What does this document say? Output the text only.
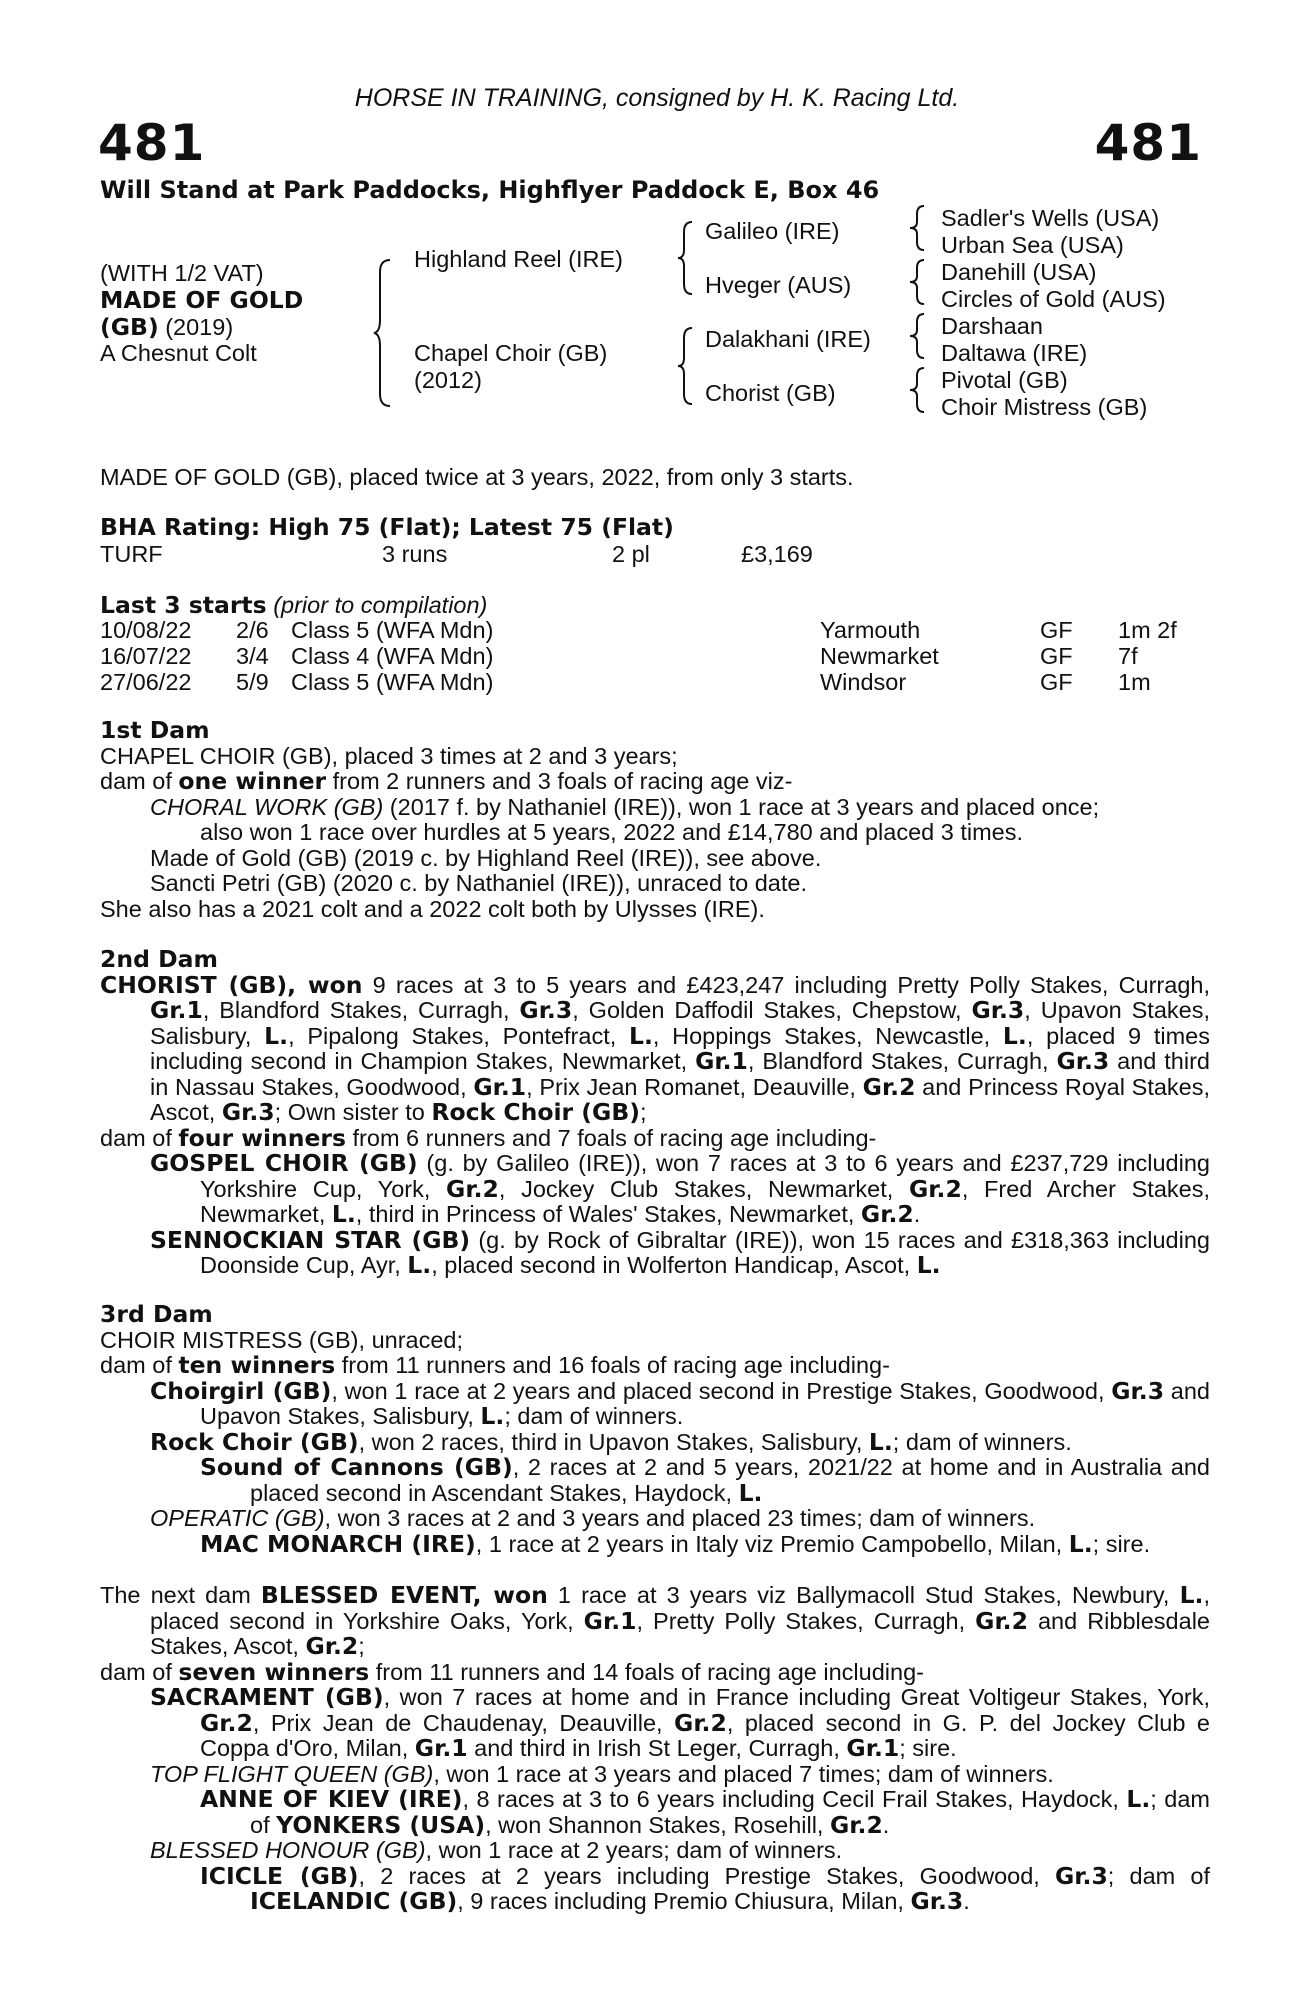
HORSE IN TRAINING, consigned by H. K. Racing Ltd.
481	481
Will Stand at Park Paddocks, Highflyer Paddock E, Box 46
(WITH 1/2 VAT)
MADE OF GOLD
(GB) (2019)
A Chesnut Colt
Highland Reel (IRE)
Chapel Choir (GB)
(2012)
Galileo (IRE)
Hveger (AUS)
Dalakhani (IRE)
Chorist (GB)
Sadler's Wells (USA)
Urban Sea (USA)
Danehill (USA)
Circles of Gold (AUS)
Darshaan
Daltawa (IRE)
Pivotal (GB)
Choir Mistress (GB)
MADE OF GOLD (GB), placed twice at 3 years, 2022, from only 3 starts.
BHA Rating: High 75 (Flat); Latest 75 (Flat)
TURF	3 runs	2 pl	£3,169
Last 3 starts (prior to compilation)
10/08/22 2/6 Class 5 (WFA Mdn)	Yarmouth	GF 1m 2f
16/07/22 3/4 Class 4 (WFA Mdn)	Newmarket	GF 7f
27/06/22 5/9 Class 5 (WFA Mdn)	Windsor	GF 1m

1st Dam

CHAPEL CHOIR (GB), placed 3 times at 2 and 3 years;

dam of one winner from 2 runners and 3 foals of racing age viz-

CHORAL WORK (GB) (2017 f. by Nathaniel (IRE)), won 1 race at 3 years and placed once;

also won 1 race over hurdles at 5 years, 2022 and £14,780 and placed 3 times.

Made of Gold (GB) (2019 c. by Highland Reel (IRE)), see above.

Sancti Petri (GB) (2020 c. by Nathaniel (IRE)), unraced to date.

She also has a 2021 colt and a 2022 colt both by Ulysses (IRE).

2nd Dam

CHORIST (GB), won 9 races at 3 to 5 years and £423,247 including Pretty Polly Stakes, Curragh, Gr.1, Blandford Stakes, Curragh, Gr.3, Golden Daffodil Stakes, Chepstow, Gr.3, Upavon Stakes, Salisbury, L., Pipalong Stakes, Pontefract, L., Hoppings Stakes, Newcastle, L., placed 9 times including second in Champion Stakes, Newmarket, Gr.1, Blandford Stakes, Curragh, Gr.3 and third in Nassau Stakes, Goodwood, Gr.1, Prix Jean Romanet, Deauville, Gr.2 and Princess Royal Stakes, Ascot, Gr.3; Own sister to Rock Choir (GB);

dam of four winners from 6 runners and 7 foals of racing age including-

GOSPEL CHOIR (GB) (g. by Galileo (IRE)), won 7 races at 3 to 6 years and £237,729 including Yorkshire Cup, York, Gr.2, Jockey Club Stakes, Newmarket, Gr.2, Fred Archer Stakes, Newmarket, L., third in Princess of Wales' Stakes, Newmarket, Gr.2.

SENNOCKIAN STAR (GB) (g. by Rock of Gibraltar (IRE)), won 15 races and £318,363 including Doonside Cup, Ayr, L., placed second in Wolferton Handicap, Ascot, L.

3rd Dam

CHOIR MISTRESS (GB), unraced;

dam of ten winners from 11 runners and 16 foals of racing age including-

Choirgirl (GB), won 1 race at 2 years and placed second in Prestige Stakes, Goodwood, Gr.3 and Upavon Stakes, Salisbury, L.; dam of winners.

Rock Choir (GB), won 2 races, third in Upavon Stakes, Salisbury, L.; dam of winners.

Sound of Cannons (GB), 2 races at 2 and 5 years, 2021/22 at home and in Australia and placed second in Ascendant Stakes, Haydock, L.

OPERATIC (GB), won 3 races at 2 and 3 years and placed 23 times; dam of winners.

MAC MONARCH (IRE), 1 race at 2 years in Italy viz Premio Campobello, Milan, L.; sire.

The next dam BLESSED EVENT, won 1 race at 3 years viz Ballymacoll Stud Stakes, Newbury, L., placed second in Yorkshire Oaks, York, Gr.1, Pretty Polly Stakes, Curragh, Gr.2 and Ribblesdale Stakes, Ascot, Gr.2;

dam of seven winners from 11 runners and 14 foals of racing age including-

SACRAMENT (GB), won 7 races at home and in France including Great Voltigeur Stakes, York, Gr.2, Prix Jean de Chaudenay, Deauville, Gr.2, placed second in G. P. del Jockey Club e Coppa d'Oro, Milan, Gr.1 and third in Irish St Leger, Curragh, Gr.1; sire.

TOP FLIGHT QUEEN (GB), won 1 race at 3 years and placed 7 times; dam of winners.

ANNE OF KIEV (IRE), 8 races at 3 to 6 years including Cecil Frail Stakes, Haydock, L.; dam of YONKERS (USA), won Shannon Stakes, Rosehill, Gr.2.

BLESSED HONOUR (GB), won 1 race at 2 years; dam of winners.

ICICLE (GB), 2 races at 2 years including Prestige Stakes, Goodwood, Gr.3; dam of ICELANDIC (GB), 9 races including Premio Chiusura, Milan, Gr.3.
